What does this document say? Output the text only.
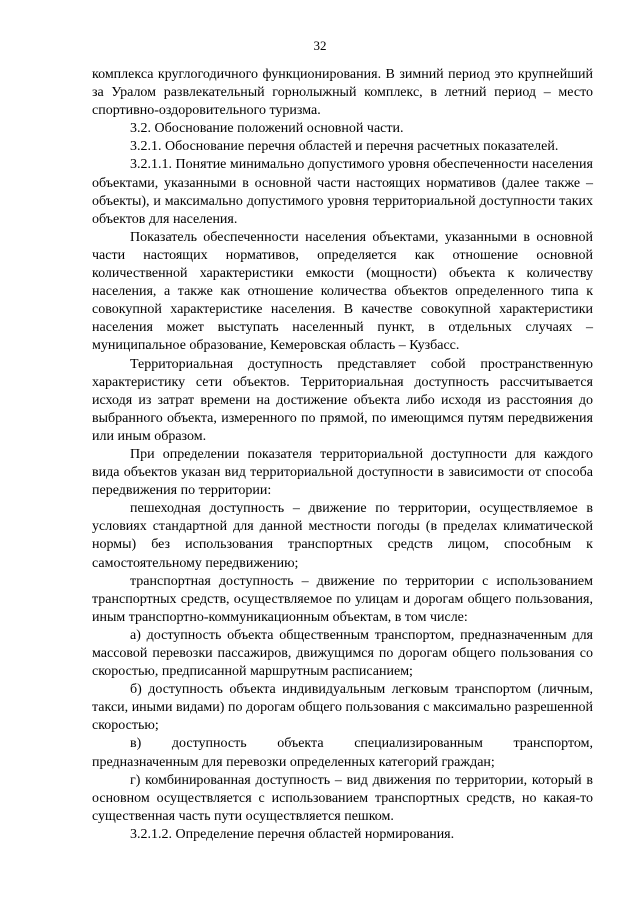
32

комплекса круглогодичного функционирования. В зимний период это крупнейший за Уралом развлекательный горнолыжный комплекс, в летний период – место спортивно-оздоровительного туризма.

3.2. Обоснование положений основной части.

3.2.1. Обоснование перечня областей и перечня расчетных показателей.

3.2.1.1. Понятие минимально допустимого уровня обеспеченности населения объектами, указанными в основной части настоящих нормативов (далее также – объекты), и максимально допустимого уровня территориальной доступности таких объектов для населения.

Показатель обеспеченности населения объектами, указанными в основной части настоящих нормативов, определяется как отношение основной количественной характеристики емкости (мощности) объекта к количеству населения, а также как отношение количества объектов определенного типа к совокупной характеристике населения. В качестве совокупной характеристики населения может выступать населенный пункт, в отдельных случаях – муниципальное образование, Кемеровская область – Кузбасс.

Территориальная доступность представляет собой пространственную характеристику сети объектов. Территориальная доступность рассчитывается исходя из затрат времени на достижение объекта либо исходя из расстояния до выбранного объекта, измеренного по прямой, по имеющимся путям передвижения или иным образом.

При определении показателя территориальной доступности для каждого вида объектов указан вид территориальной доступности в зависимости от способа передвижения по территории:

пешеходная доступность – движение по территории, осуществляемое в условиях стандартной для данной местности погоды (в пределах климатической нормы) без использования транспортных средств лицом, способным к самостоятельному передвижению;

транспортная доступность – движение по территории с использованием транспортных средств, осуществляемое по улицам и дорогам общего пользования, иным транспортно-коммуникационным объектам, в том числе:

а) доступность объекта общественным транспортом, предназначенным для массовой перевозки пассажиров, движущимся по дорогам общего пользования со скоростью, предписанной маршрутным расписанием;

б) доступность объекта индивидуальным легковым транспортом (личным, такси, иными видами) по дорогам общего пользования с максимально разрешенной скоростью;

в) доступность объекта специализированным транспортом, предназначенным для перевозки определенных категорий граждан;

г) комбинированная доступность – вид движения по территории, который в основном осуществляется с использованием транспортных средств, но какая-то существенная часть пути осуществляется пешком.

3.2.1.2. Определение перечня областей нормирования.
